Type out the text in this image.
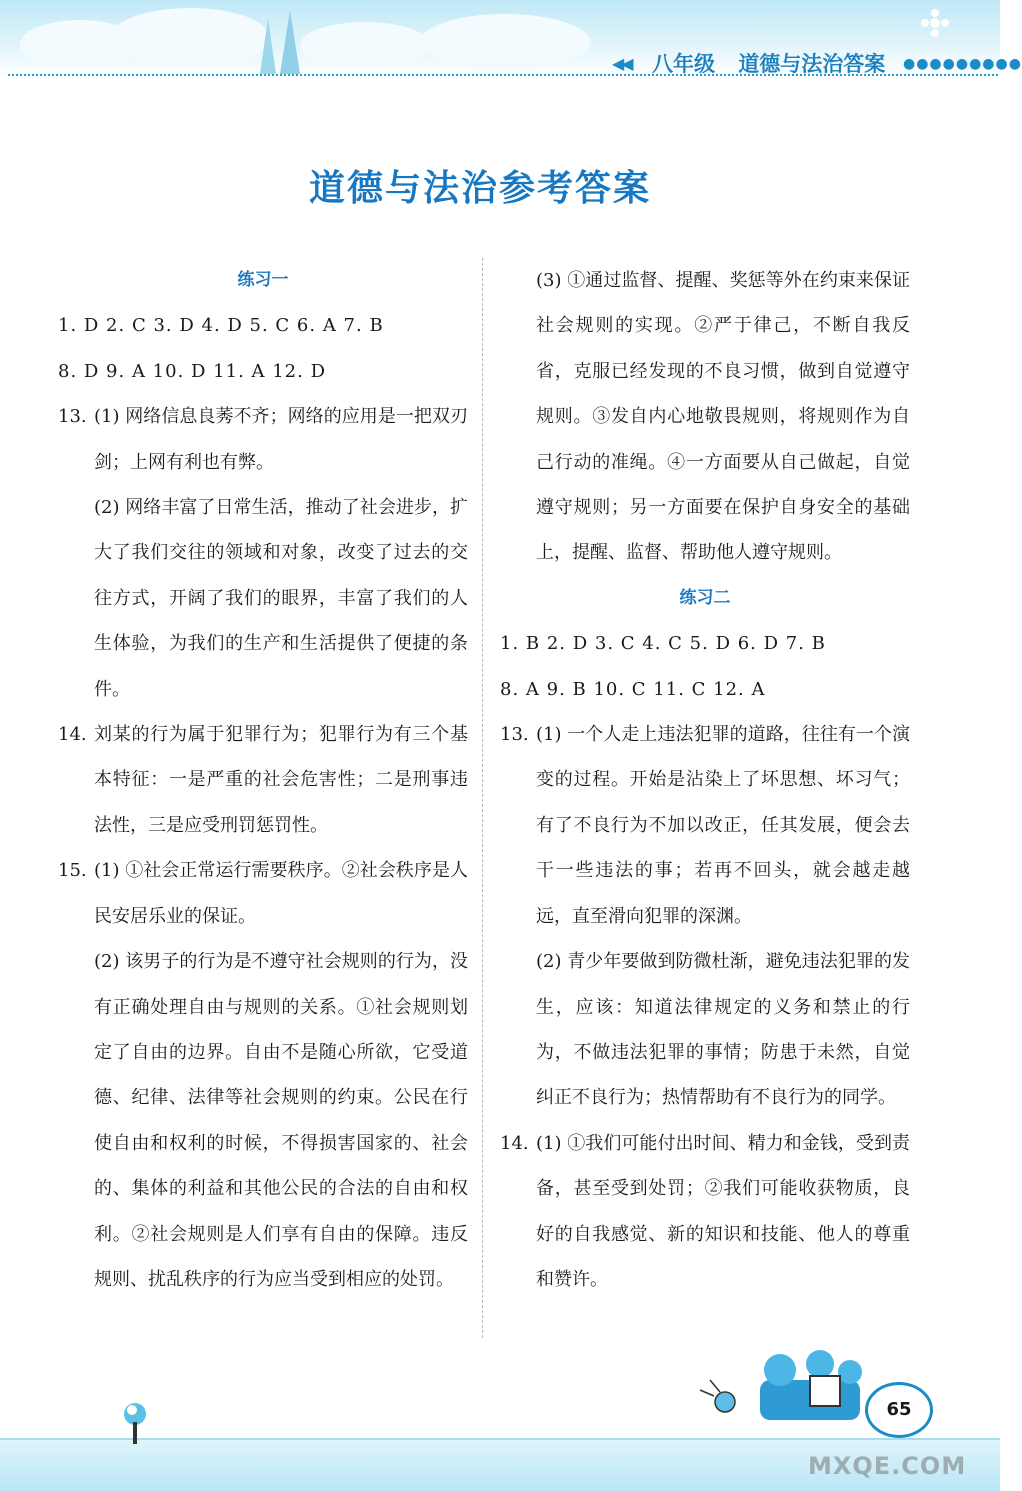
◀◀ 八年级 道德与法治答案 ●●●●●●●●●
道德与法治参考答案
练习一
1. D 2. C 3. D 4. D 5. C 6. A 7. B
8. D 9. A 10. D 11. A 12. D
13. (1) 网络信息良莠不齐；网络的应用是一把双刃剑；上网有利也有弊。
(2) 网络丰富了日常生活，推动了社会进步，扩大了我们交往的领域和对象，改变了过去的交往方式，开阔了我们的眼界，丰富了我们的人生体验，为我们的生产和生活提供了便捷的条件。
14. 刘某的行为属于犯罪行为；犯罪行为有三个基本特征：一是严重的社会危害性；二是刑事违法性，三是应受刑罚惩罚性。
15. (1) ①社会正常运行需要秩序。②社会秩序是人民安居乐业的保证。
(2) 该男子的行为是不遵守社会规则的行为，没有正确处理自由与规则的关系。①社会规则划定了自由的边界。自由不是随心所欲，它受道德、纪律、法律等社会规则的约束。公民在行使自由和权利的时候，不得损害国家的、社会的、集体的利益和其他公民的合法的自由和权利。②社会规则是人们享有自由的保障。违反规则、扰乱秩序的行为应当受到相应的处罚。
(3) ①通过监督、提醒、奖惩等外在约束来保证社会规则的实现。②严于律己，不断自我反省，克服已经发现的不良习惯，做到自觉遵守规则。③发自内心地敬畏规则，将规则作为自己行动的准绳。④一方面要从自己做起，自觉遵守规则；另一方面要在保护自身安全的基础上，提醒、监督、帮助他人遵守规则。
练习二
1. B 2. D 3. C 4. C 5. D 6. D 7. B
8. A 9. B 10. C 11. C 12. A
13. (1) 一个人走上违法犯罪的道路，往往有一个演变的过程。开始是沾染上了坏思想、坏习气；有了不良行为不加以改正，任其发展，便会去干一些违法的事；若再不回头，就会越走越远，直至滑向犯罪的深渊。
(2) 青少年要做到防微杜渐，避免违法犯罪的发生，应该：知道法律规定的义务和禁止的行为，不做违法犯罪的事情；防患于未然，自觉纠正不良行为；热情帮助有不良行为的同学。
14. (1) ①我们可能付出时间、精力和金钱，受到责备，甚至受到处罚；②我们可能收获物质，良好的自我感觉、新的知识和技能、他人的尊重和赞许。
65
MXQE.COM
